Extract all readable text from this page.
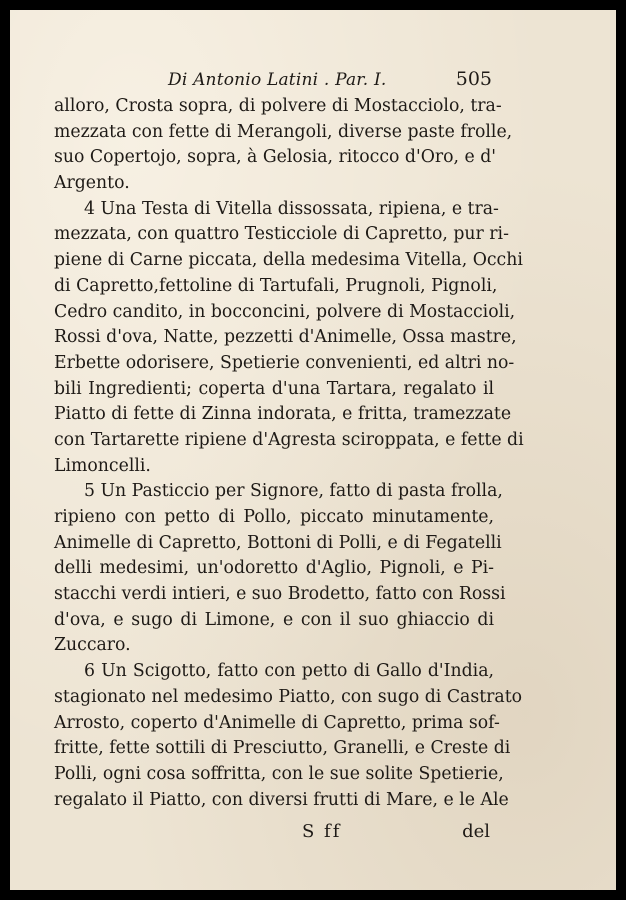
Di Antonio Latini . Par. I.	505
alloro, Crosta sopra, di polvere di Mostacciolo, tra-
mezzata con fette di Merangoli, diverse paste frolle,
suo Copertojo, sopra, à Gelosia, ritocco d'Oro, e d'
Argento.
4 Una Testa di Vitella dissossata, ripiena, e tra-
mezzata, con quattro Testicciole di Capretto, pur ri-
piene di Carne piccata, della medesima Vitella, Occhi
di Capretto,fettoline di Tartufali, Prugnoli, Pignoli,
Cedro candito, in bocconcini, polvere di Mostaccioli,
Rossi d'ova, Natte, pezzetti d'Animelle, Ossa mastre,
Erbette odorisere, Spetierie convenienti, ed altri no-
bili Ingredienti; coperta d'una Tartara, regalato il
Piatto di fette di Zinna indorata, e fritta, tramezzate
con Tartarette ripiene d'Agresta sciroppata, e fette di
Limoncelli.
5 Un Pasticcio per Signore, fatto di pasta frolla,
ripieno con petto di Pollo, piccato minutamente,
Animelle di Capretto, Bottoni di Polli, e di Fegatelli
delli medesimi, un'odoretto d'Aglio, Pignoli, e Pi-
stacchi verdi intieri, e suo Brodetto, fatto con Rossi
d'ova, e sugo di Limone, e con il suo ghiaccio di
Zuccaro.
6 Un Scigotto, fatto con petto di Gallo d'India,
stagionato nel medesimo Piatto, con sugo di Castrato
Arrosto, coperto d'Animelle di Capretto, prima sof-
fritte, fette sottili di Presciutto, Granelli, e Creste di
Polli, ogni cosa soffritta, con le sue solite Spetierie,
regalato il Piatto, con diversi frutti di Mare, e le Ale
S ff	del
